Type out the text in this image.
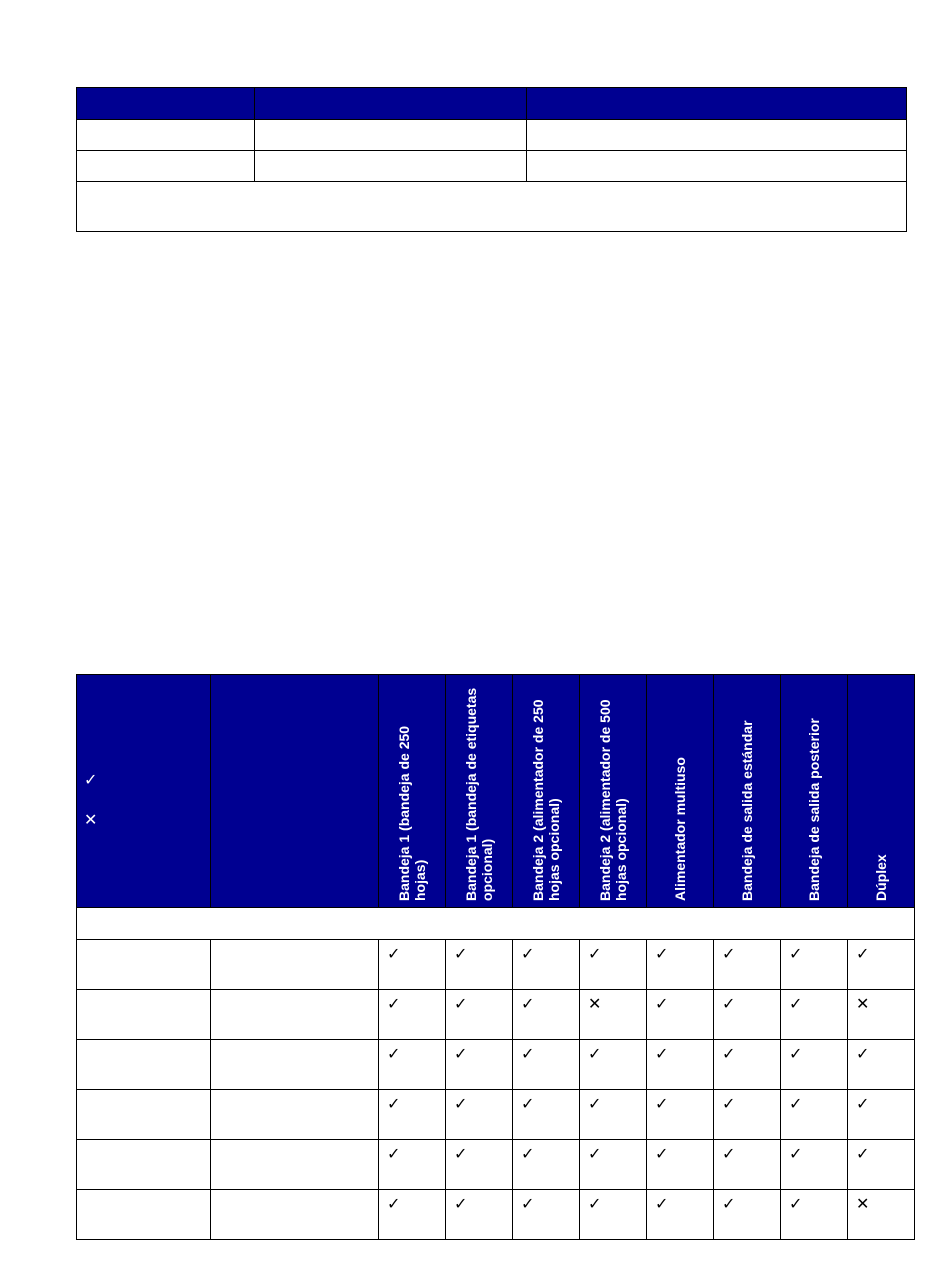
✓
✕		Bandeja 1 (bandeja de 250 hojas)	Bandeja 1 (bandeja de etiquetas opcional)	Bandeja 2 (alimentador de 250 hojas opcional)	Bandeja 2 (alimentador de 500 hojas opcional)	Alimentador multiuso	Bandeja de salida estándar	Bandeja de salida posterior	Dúplex

		✓	✓	✓	✓	✓	✓	✓	✓

		✓	✓	✓	✕	✓	✓	✓	✕

		✓	✓	✓	✓	✓	✓	✓	✓

		✓	✓	✓	✓	✓	✓	✓	✓

		✓	✓	✓	✓	✓	✓	✓	✓

		✓	✓	✓	✓	✓	✓	✓	✕
